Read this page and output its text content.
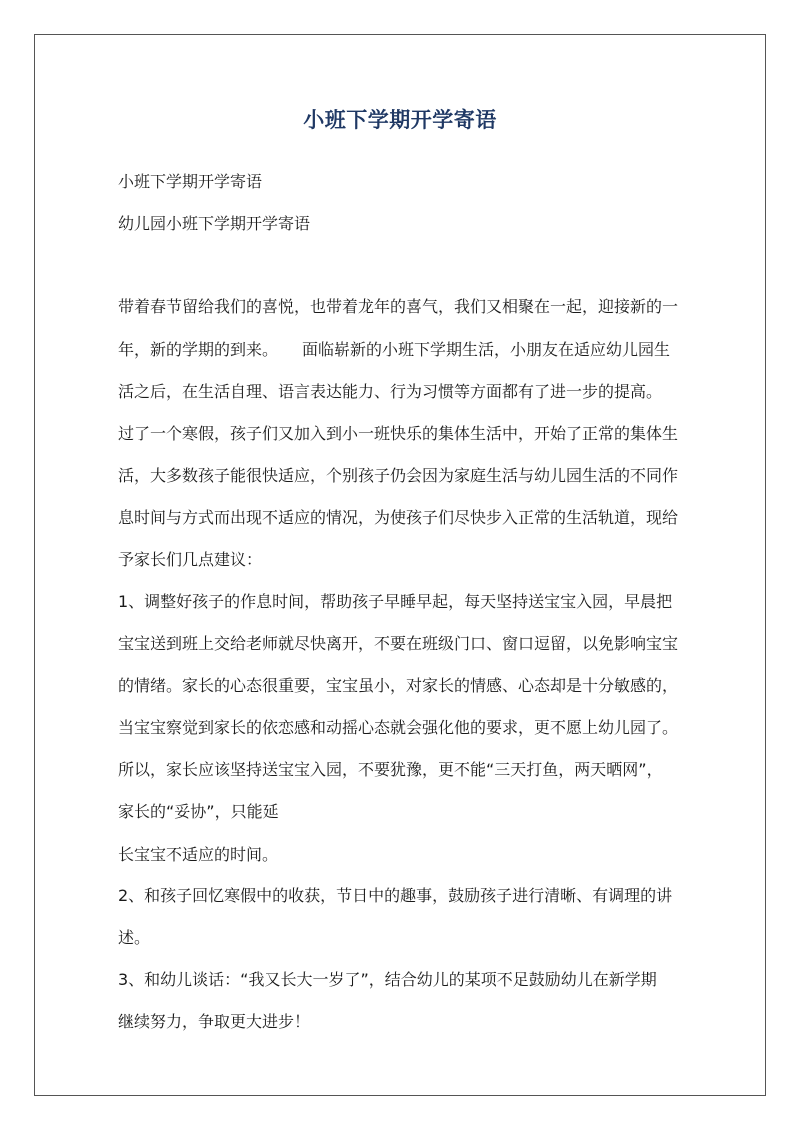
小班下学期开学寄语
小班下学期开学寄语
幼儿园小班下学期开学寄语
带着春节留给我们的喜悦，也带着龙年的喜气，我们又相聚在一起，迎接新的一
年，新的学期的到来。　　面临崭新的小班下学期生活，小朋友在适应幼儿园生
活之后，在生活自理、语言表达能力、行为习惯等方面都有了进一步的提高。
过了一个寒假，孩子们又加入到小一班快乐的集体生活中，开始了正常的集体生
活，大多数孩子能很快适应，个别孩子仍会因为家庭生活与幼儿园生活的不同作
息时间与方式而出现不适应的情况，为使孩子们尽快步入正常的生活轨道，现给
予家长们几点建议：
1、调整好孩子的作息时间，帮助孩子早睡早起，每天坚持送宝宝入园，早晨把
宝宝送到班上交给老师就尽快离开，不要在班级门口、窗口逗留，以免影响宝宝
的情绪。家长的心态很重要，宝宝虽小，对家长的情感、心态却是十分敏感的，
当宝宝察觉到家长的依恋感和动摇心态就会强化他的要求，更不愿上幼儿园了。
所以，家长应该坚持送宝宝入园，不要犹豫，更不能“三天打鱼，两天晒网”，
家长的“妥协”，只能延
长宝宝不适应的时间。
2、和孩子回忆寒假中的收获，节日中的趣事，鼓励孩子进行清晰、有调理的讲
述。
3、和幼儿谈话：“我又长大一岁了”，结合幼儿的某项不足鼓励幼儿在新学期
继续努力，争取更大进步！
